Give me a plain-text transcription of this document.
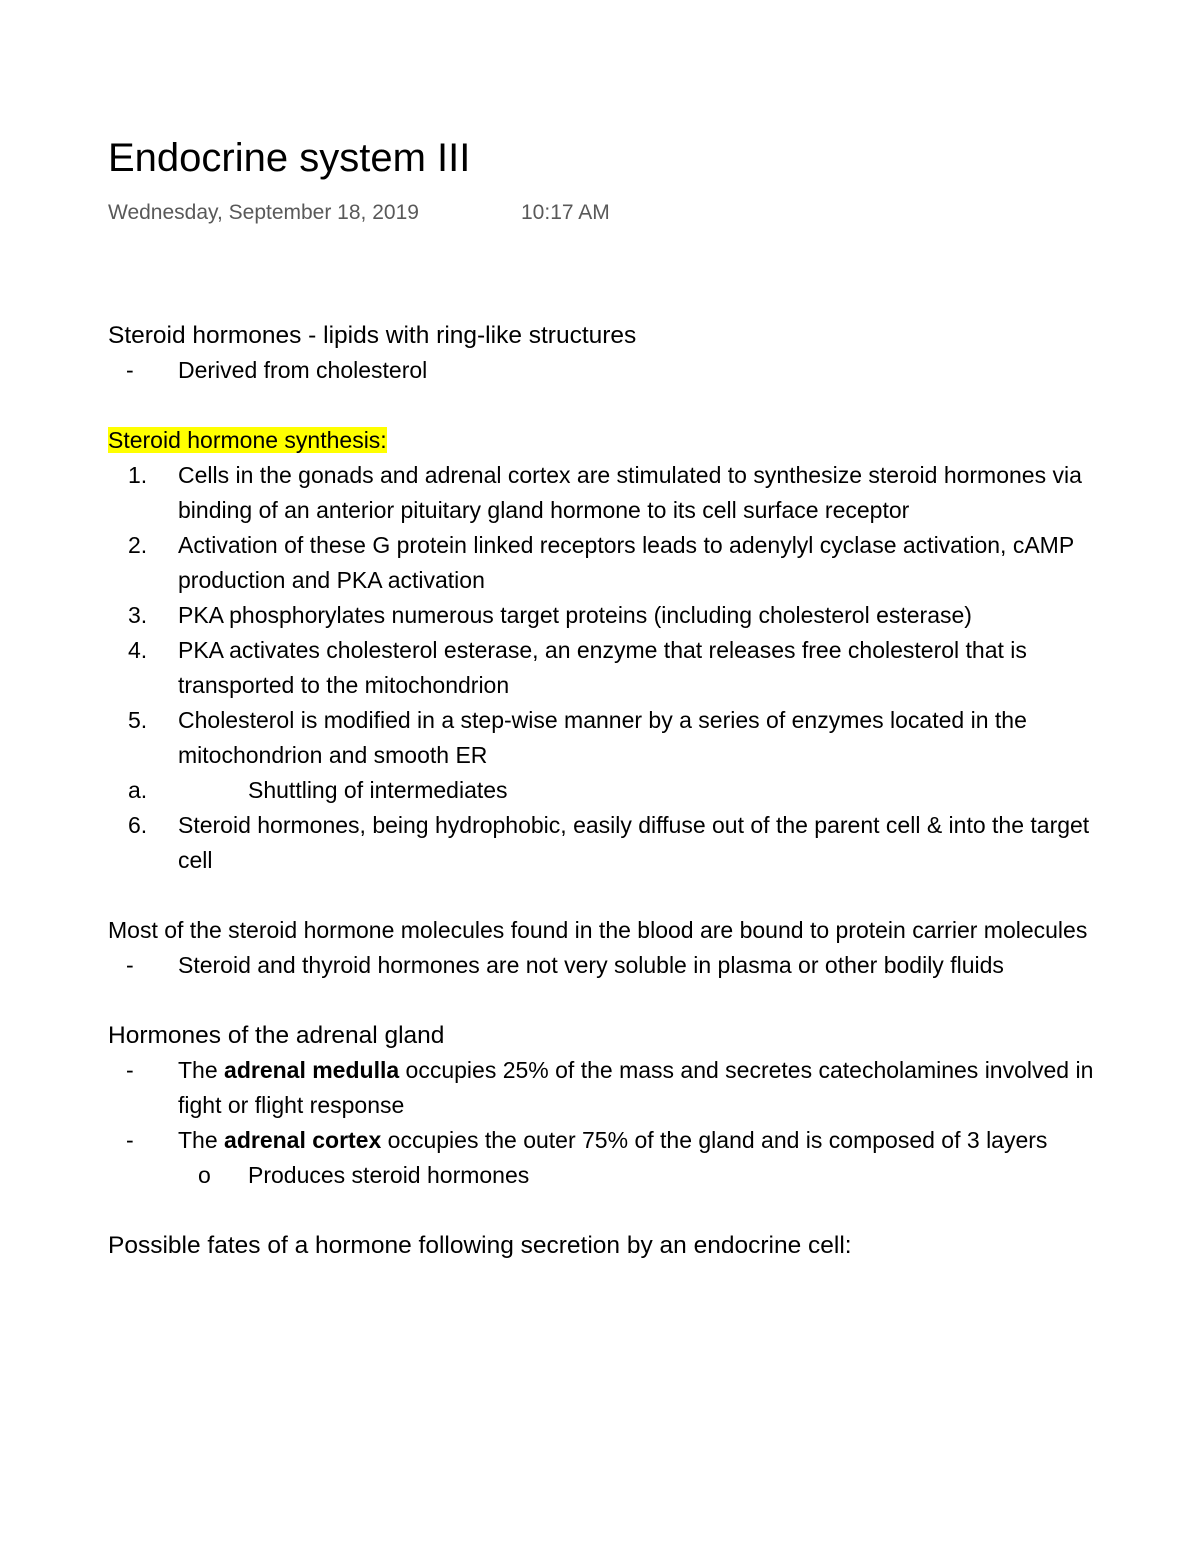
Endocrine system III
Wednesday, September 18, 2019	10:17 AM
Steroid hormones - lipids with ring-like structures
-	Derived from cholesterol

Steroid hormone synthesis:

1.	Cells in the gonads and adrenal cortex are stimulated to synthesize steroid hormones via binding of an anterior pituitary gland hormone to its cell surface receptor
2.	Activation of these G protein linked receptors leads to adenylyl cyclase activation, cAMP production and PKA activation
3.	PKA phosphorylates numerous target proteins (including cholesterol esterase)
4.	PKA activates cholesterol esterase, an enzyme that releases free cholesterol that is transported to the mitochondrion
5.	Cholesterol is modified in a step-wise manner by a series of enzymes located in the mitochondrion and smooth ER
a.	Shuttling of intermediates
6.	Steroid hormones, being hydrophobic, easily diffuse out of the parent cell & into the target cell

Most of the steroid hormone molecules found in the blood are bound to protein carrier molecules

-	Steroid and thyroid hormones are not very soluble in plasma or other bodily fluids
Hormones of the adrenal gland
-	The adrenal medulla occupies 25% of the mass and secretes catecholamines involved in fight or flight response
-	The adrenal cortex occupies the outer 75% of the gland and is composed of 3 layers
o	Produces steroid hormones
Possible fates of a hormone following secretion by an endocrine cell:
